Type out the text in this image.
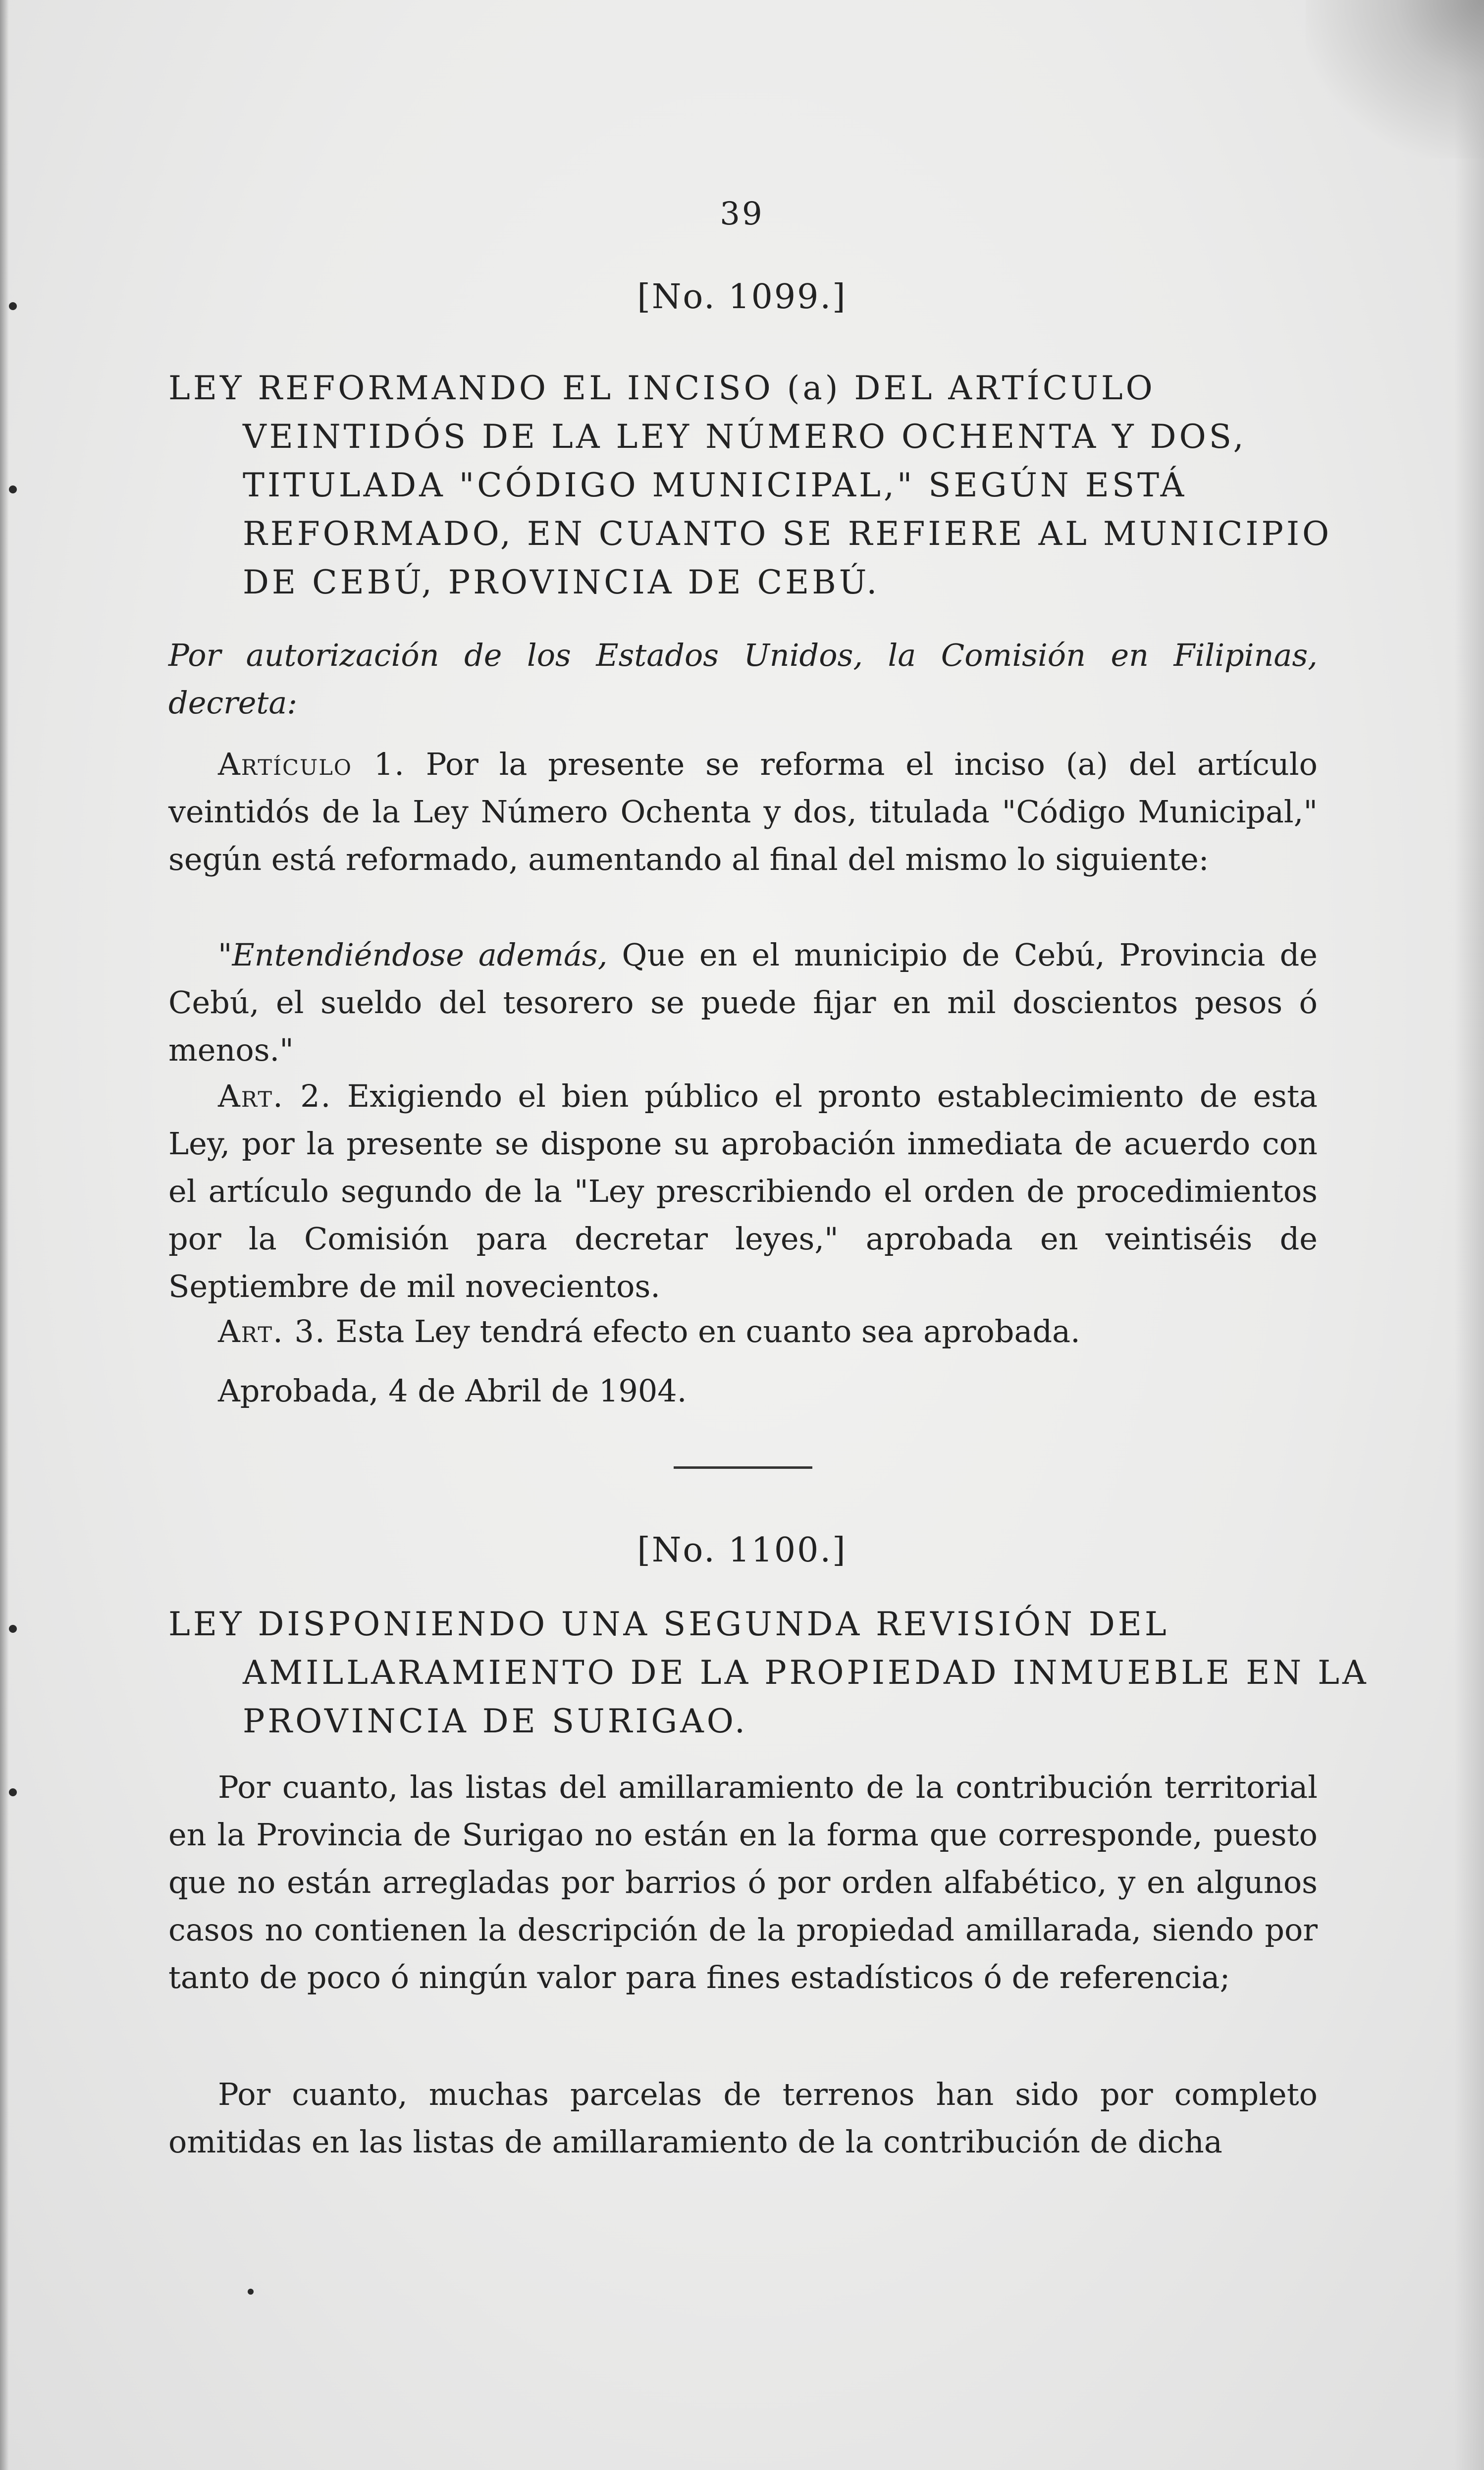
39
[No. 1099.]
LEY REFORMANDO EL INCISO (a) DEL ARTÍCULO VEINTIDÓS DE LA LEY NÚMERO OCHENTA Y DOS, TITULADA "CÓDIGO MUNICIPAL," SEGÚN ESTÁ REFORMADO, EN CUANTO SE REFIERE AL MUNICIPIO DE CEBÚ, PROVINCIA DE CEBÚ.
Por autorización de los Estados Unidos, la Comisión en Filipinas, decreta:
Artículo 1. Por la presente se reforma el inciso (a) del artículo veintidós de la Ley Número Ochenta y dos, titulada "Código Municipal," según está reformado, aumentando al final del mismo lo siguiente:
"Entendiéndose además, Que en el municipio de Cebú, Provincia de Cebú, el sueldo del tesorero se puede fijar en mil doscientos pesos ó menos."
Art. 2. Exigiendo el bien público el pronto establecimiento de esta Ley, por la presente se dispone su aprobación inmediata de acuerdo con el artículo segundo de la "Ley prescribiendo el orden de procedimientos por la Comisión para decretar leyes," aprobada en veintiséis de Septiembre de mil novecientos.
Art. 3. Esta Ley tendrá efecto en cuanto sea aprobada.
Aprobada, 4 de Abril de 1904.
[No. 1100.]
LEY DISPONIENDO UNA SEGUNDA REVISIÓN DEL AMILLARAMIENTO DE LA PROPIEDAD INMUEBLE EN LA PROVINCIA DE SURIGAO.
Por cuanto, las listas del amillaramiento de la contribución territorial en la Provincia de Surigao no están en la forma que corresponde, puesto que no están arregladas por barrios ó por orden alfabético, y en algunos casos no contienen la descripción de la propiedad amillarada, siendo por tanto de poco ó ningún valor para fines estadísticos ó de referencia;
Por cuanto, muchas parcelas de terrenos han sido por completo omitidas en las listas de amillaramiento de la contribución de dicha
